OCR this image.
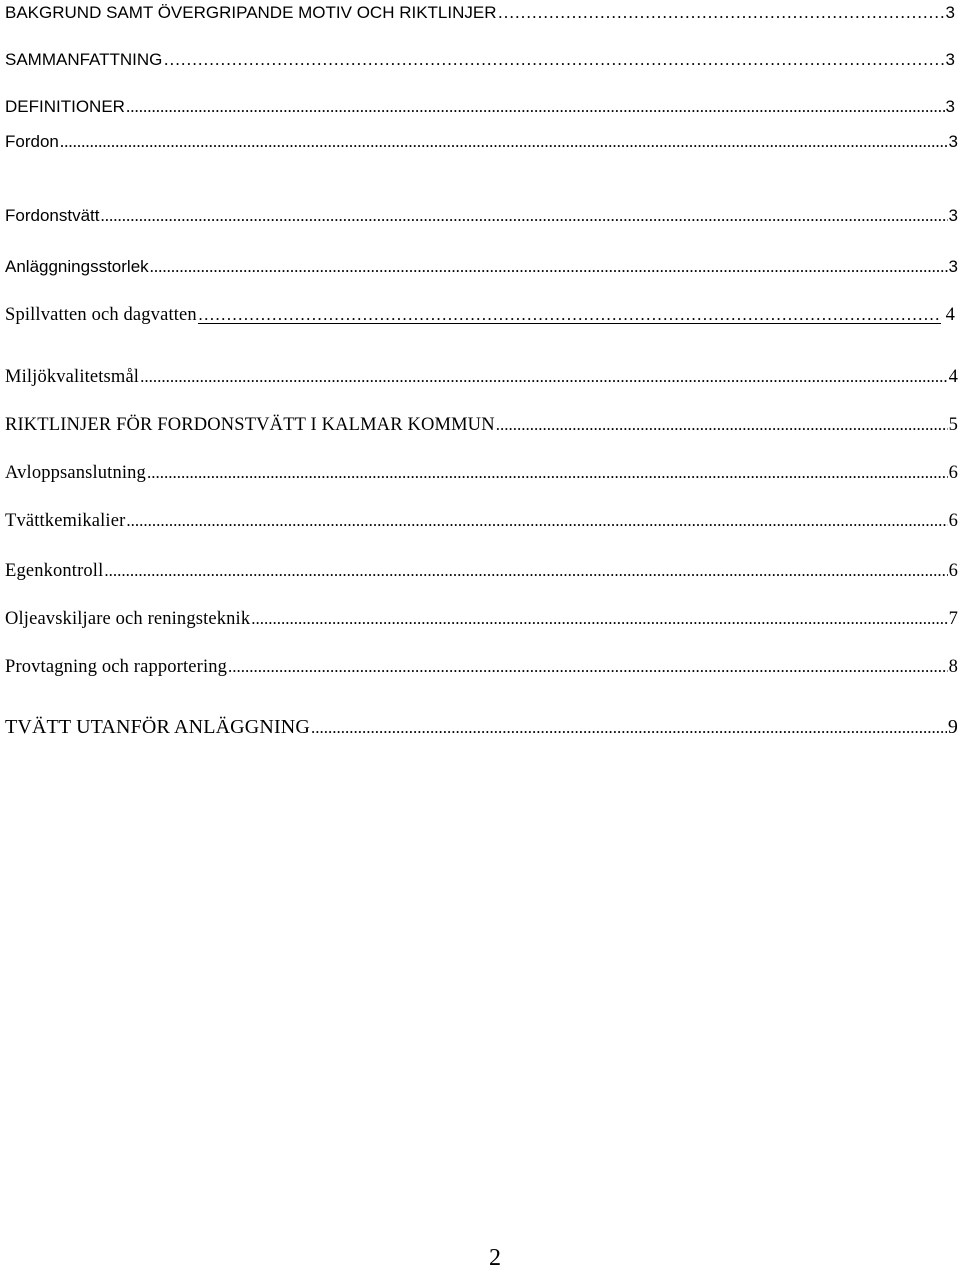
BAKGRUND SAMT ÖVERGRIPANDE MOTIV OCH RIKTLINJER ………………………………………………………………………………………………………………………………………………………………………………………………………………………	3
SAMMANFATTNING ………………………………………………………………………………………………………………………………………………………………………………………………………………………	3
DEFINITIONER .....	3
Fordon .....	3
Fordonstvätt .....	3
Anläggningsstorlek .....	3
Spillvatten och dagvatten …………………………………………………………………………………………………………………………………………………………	4
Miljökvalitetsmål .....	4
RIKTLINJER FÖR FORDONSTVÄTT I KALMAR KOMMUN .....	5
Avloppsanslutning .....	6
Tvättkemikalier .....	6
Egenkontroll .....	6
Oljeavskiljare och reningsteknik .....	7
Provtagning och rapportering .....	8
TVÄTT UTANFÖR ANLÄGGNING .....	9
2
